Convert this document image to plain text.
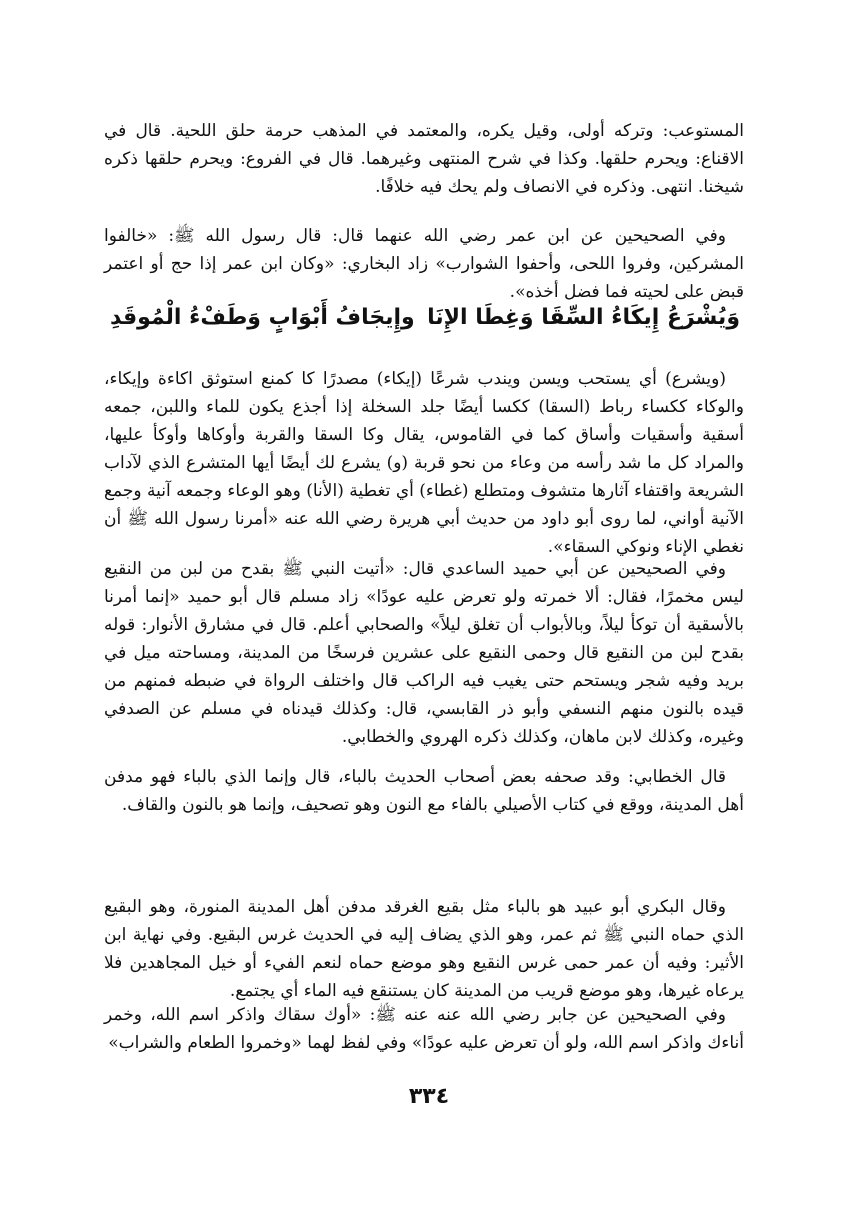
المستوعب: وتركه أولى، وقيل يكره، والمعتمد في المذهب حرمة حلق اللحية. قال في الاقناع: ويحرم حلقها. وكذا في شرح المنتهى وغيرهما. قال في الفروع: ويحرم حلقها ذكره شيخنا. انتهى. وذكره في الانصاف ولم يحك فيه خلافًا.

وفي الصحيحين عن ابن عمر رضي الله عنهما قال: قال رسول الله ﷺ: «خالفوا المشركين، وفروا اللحى، وأحفوا الشوارب» زاد البخاري: «وكان ابن عمر إذا حج أو اعتمر قبض على لحيته فما فضل أخذه».

وَيُشْرَعُ إِيكَاءُ السِّقَا وَغِطَا الإِنَا
وإِيجَافُ أَبْوَابٍ وَطَفْءُ الْمُوقَدِ

(ويشرع) أي يستحب ويسن ويندب شرعًا (إيكاء) مصدرًا كا كمنع استوثق اكاءة وإيكاء، والوكاء ككساء رباط (السقا) ككسا أيضًا جلد السخلة إذا أجذع يكون للماء واللبن، جمعه أسقية وأسقيات وأساق كما في القاموس، يقال وكا السقا والقربة وأوكاها وأوكأ عليها، والمراد كل ما شد رأسه من وعاء من نحو قربة (و) يشرع لك أيضًا أيها المتشرع الذي لآداب الشريعة واقتفاء آثارها متشوف ومتطلع (غطاء) أي تغطية (الأنا) وهو الوعاء وجمعه آنية وجمع الآنية أواني، لما روى أبو داود من حديث أبي هريرة رضي الله عنه «أمرنا رسول الله ﷺ أن نغطي الإناء ونوكي السقاء».

وفي الصحيحين عن أبي حميد الساعدي قال: «أتيت النبي ﷺ بقدح من لبن من النقيع ليس مخمرًا، فقال: ألا خمرته ولو تعرض عليه عودًا» زاد مسلم قال أبو حميد «إنما أمرنا بالأسقية أن توكأ ليلاً، وبالأبواب أن تغلق ليلاً» والصحابي أعلم. قال في مشارق الأنوار: قوله بقدح لبن من النقيع قال وحمى النقيع على عشرين فرسخًا من المدينة، ومساحته ميل في بريد وفيه شجر ويستحم حتى يغيب فيه الراكب قال واختلف الرواة في ضبطه فمنهم من قيده بالنون منهم النسفي وأبو ذر القابسي، قال: وكذلك قيدناه في مسلم عن الصدفي وغيره، وكذلك لابن ماهان، وكذلك ذكره الهروي والخطابي.

قال الخطابي: وقد صحفه بعض أصحاب الحديث بالباء، قال وإنما الذي بالباء فهو مدفن أهل المدينة، ووقع في كتاب الأصيلي بالفاء مع النون وهو تصحيف، وإنما هو بالنون والقاف.

وقال البكري أبو عبيد هو بالباء مثل بقيع الغرقد مدفن أهل المدينة المنورة، وهو البقيع الذي حماه النبي ﷺ ثم عمر، وهو الذي يضاف إليه في الحديث غرس البقيع. وفي نهاية ابن الأثير: وفيه أن عمر حمى غرس النقيع وهو موضع حماه لنعم الفيء أو خيل المجاهدين فلا يرعاه غيرها، وهو موضع قريب من المدينة كان يستنقع فيه الماء أي يجتمع.

وفي الصحيحين عن جابر رضي الله عنه عنه ﷺ: «أوك سقاك واذكر اسم الله، وخمر أناءك واذكر اسم الله، ولو أن تعرض عليه عودًا» وفي لفظ لهما «وخمروا الطعام والشراب»

٣٣٤
